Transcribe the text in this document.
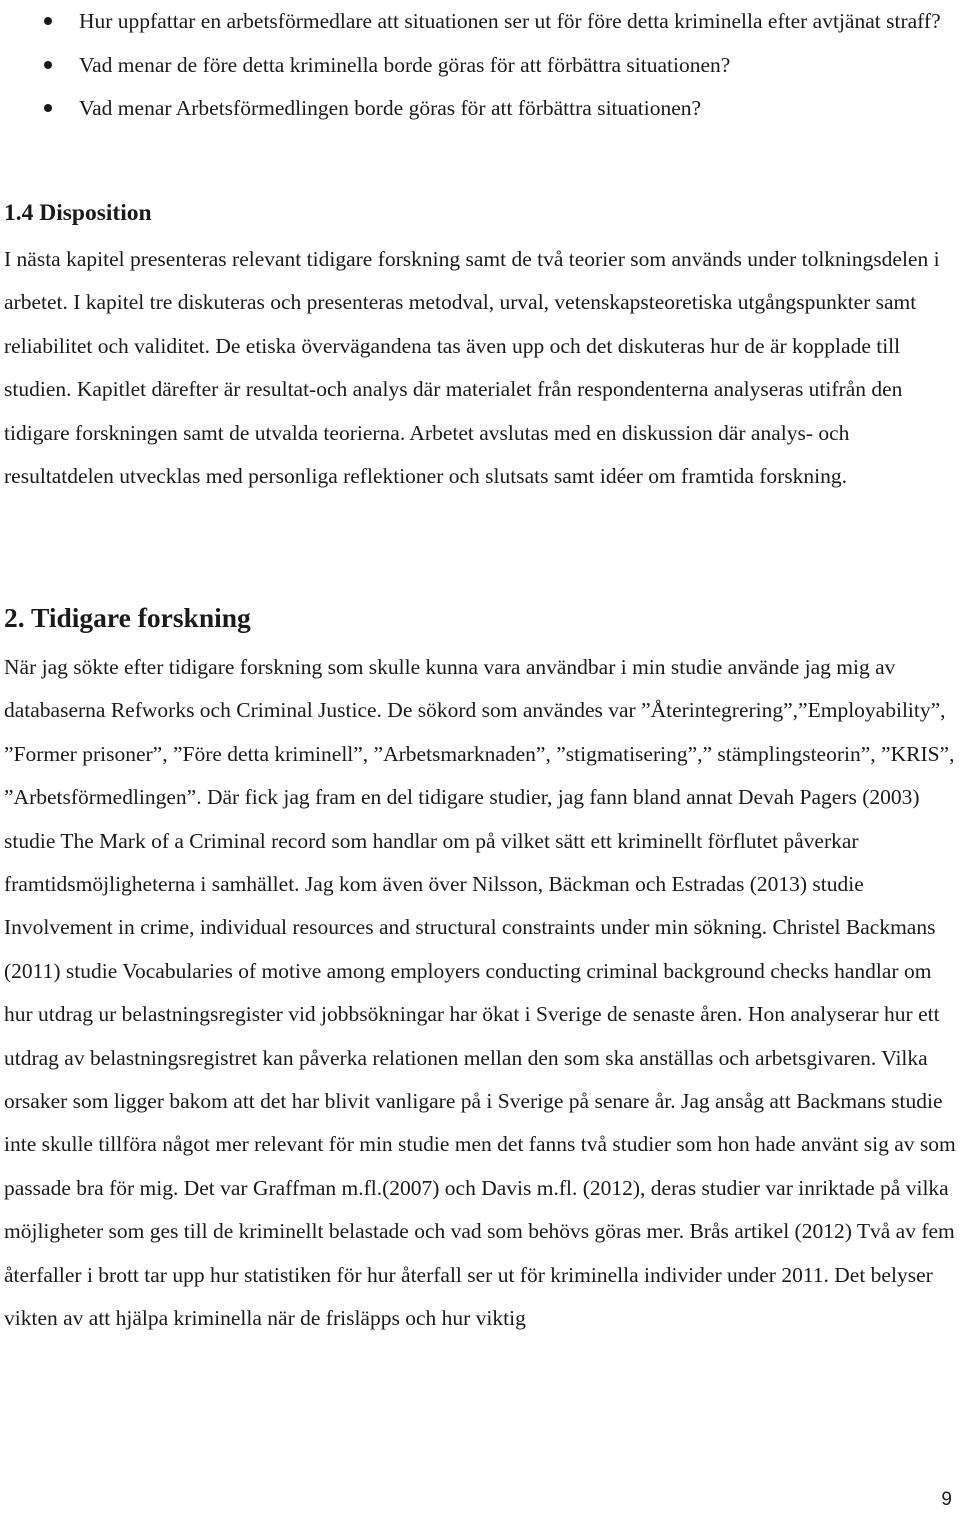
Hur uppfattar en arbetsförmedlare att situationen ser ut för före detta kriminella efter avtjänat straff?
Vad menar de före detta kriminella borde göras för att förbättra situationen?
Vad menar Arbetsförmedlingen borde göras för att förbättra situationen?
1.4 Disposition

I nästa kapitel presenteras relevant tidigare forskning samt de två teorier som används under tolkningsdelen i arbetet. I kapitel tre diskuteras och presenteras metodval, urval, vetenskapsteoretiska utgångspunkter samt reliabilitet och validitet. De etiska övervägandena tas även upp och det diskuteras hur de är kopplade till studien. Kapitlet därefter är resultat-och analys där materialet från respondenterna analyseras utifrån den tidigare forskningen samt de utvalda teorierna. Arbetet avslutas med en diskussion där analys- och resultatdelen utvecklas med personliga reflektioner och slutsats samt idéer om framtida forskning.

2. Tidigare forskning

När jag sökte efter tidigare forskning som skulle kunna vara användbar i min studie använde jag mig av databaserna Refworks och Criminal Justice. De sökord som användes var ”Återintegrering”,”Employability”, ”Former prisoner”, ”Före detta kriminell”, ”Arbetsmarknaden”, ”stigmatisering”,” stämplingsteorin”, ”KRIS”, ”Arbetsförmedlingen”. Där fick jag fram en del tidigare studier, jag fann bland annat Devah Pagers (2003) studie The Mark of a Criminal record som handlar om på vilket sätt ett kriminellt förflutet påverkar framtidsmöjligheterna i samhället. Jag kom även över Nilsson, Bäckman och Estradas (2013) studie Involvement in crime, individual resources and structural constraints under min sökning. Christel Backmans (2011) studie Vocabularies of motive among employers conducting criminal background checks handlar om hur utdrag ur belastningsregister vid jobbsökningar har ökat i Sverige de senaste åren. Hon analyserar hur ett utdrag av belastningsregistret kan påverka relationen mellan den som ska anställas och arbetsgivaren. Vilka orsaker som ligger bakom att det har blivit vanligare på i Sverige på senare år. Jag ansåg att Backmans studie inte skulle tillföra något mer relevant för min studie men det fanns två studier som hon hade använt sig av som passade bra för mig. Det var Graffman m.fl.(2007) och Davis m.fl. (2012), deras studier var inriktade på vilka möjligheter som ges till de kriminellt belastade och vad som behövs göras mer. Brås artikel (2012) Två av fem återfaller i brott tar upp hur statistiken för hur återfall ser ut för kriminella individer under 2011. Det belyser vikten av att hjälpa kriminella när de frisläpps och hur viktig

9
